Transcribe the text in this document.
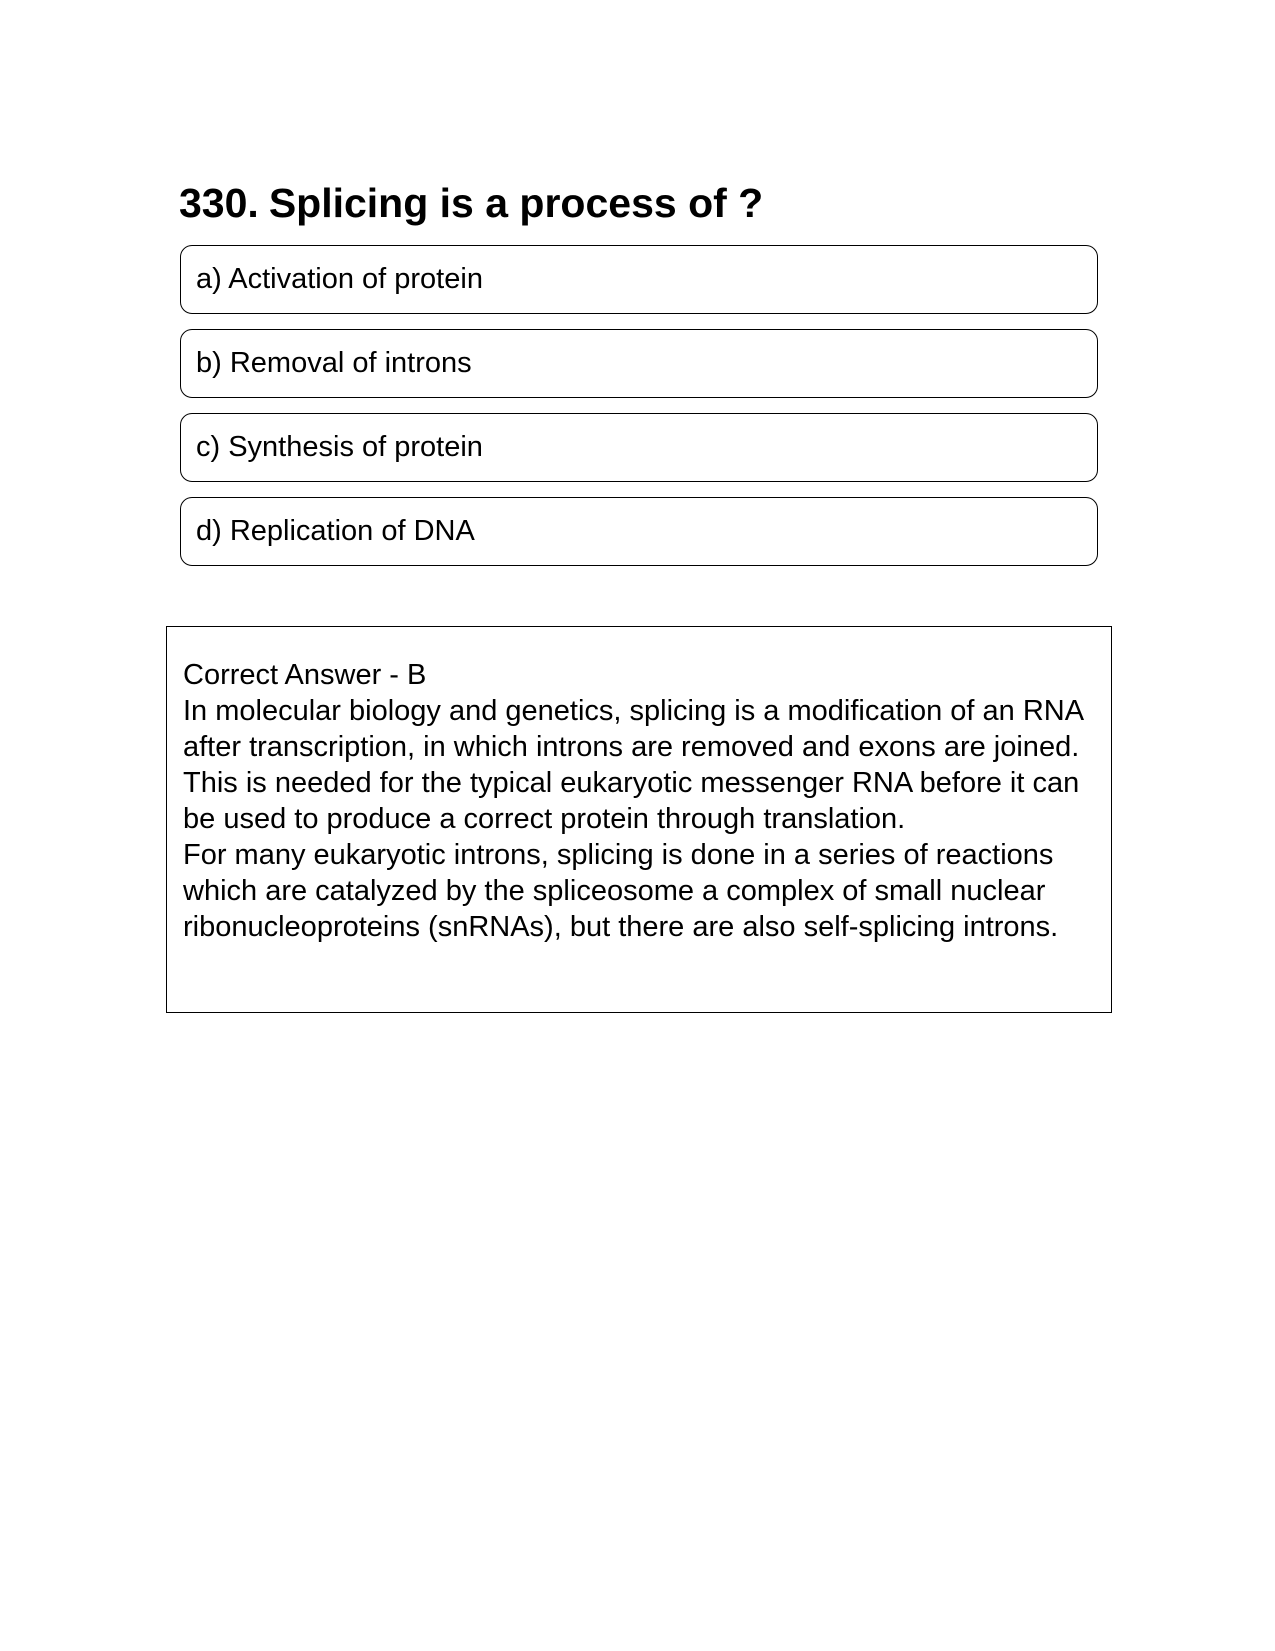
330. Splicing is a process of ?
a) Activation of protein
b) Removal of introns
c) Synthesis of protein
d) Replication of DNA

Correct Answer - B

In molecular biology and genetics, splicing is a modification of an RNA after transcription, in which introns are removed and exons are joined.

This is needed for the typical eukaryotic messenger RNA before it can be used to produce a correct protein through translation.

For many eukaryotic introns, splicing is done in a series of reactions which are catalyzed by the spliceosome a complex of small nuclear ribonucleoproteins (snRNAs), but there are also self-splicing introns.
